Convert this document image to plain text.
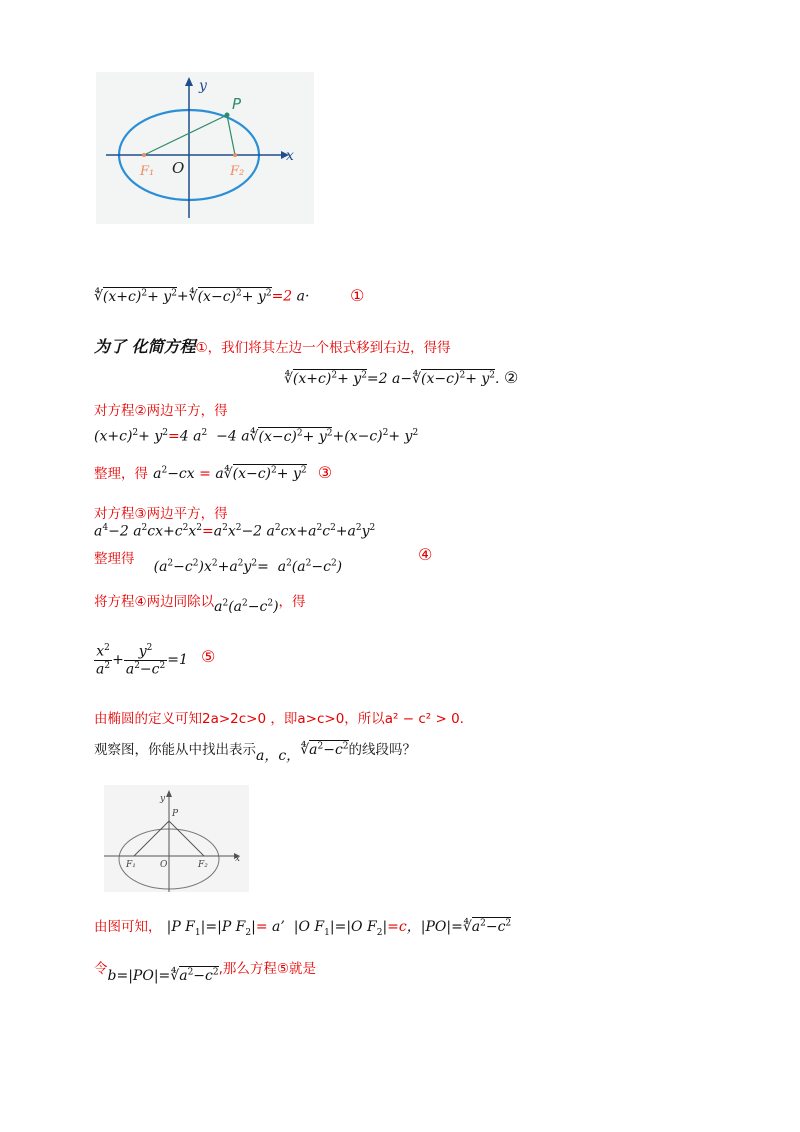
y
x
P
O
F₁	F₂
$∜(x+c)^2+$ $y^2+∜(x-c)^2+ y^2=2$ a·	①
为了 化简方程①，我们将其左边一个根式移到右边，得得
$∜(x+c)^2+ y^2=2$ $a-∜(x-c)^2+ y^2$. ②
对方程②两边平方，得
$(x+c)^2+ y^2=4$ $a^2 -4$ $a∜(x-c)^2+ y^2+(x-c)^2+ y^2$
整理，得 $a^2-cx$ = $a∜(x-c)^2+ y^2$ ③
对方程③两边平方，得
$a^4-2$ $a^2cx+c^2x^2=a^2x^2-2$ $a^2cx+a^2c^2+a^2y^2$
整理得 $(a^2-c^2)x^2+a^2y^2= a^2(a^2-c^2)$
④
将方程④两边同除以$a^2(a^2-c^2)$，得
$\frac{x^2}{a^2} + \frac{y^2}{a^2-c^2} =1$ ⑤
由椭圆的定义可知2a>2c>0 ，即a>c>0，所以a² − c² > 0.
观察图，你能从中找出表示a，c，$∜a^2-c^2$的线段吗？
y
x
P
O
F₁	F₂
由图可知， |P $F_1|=|P$ $F_2|= a$’  |O $F_1|=|O$ $F_2|=c$，$|PO|=∜a^2-c^2$
令$b=|PO|=∜a^2-c^2$,那么方程⑤就是
